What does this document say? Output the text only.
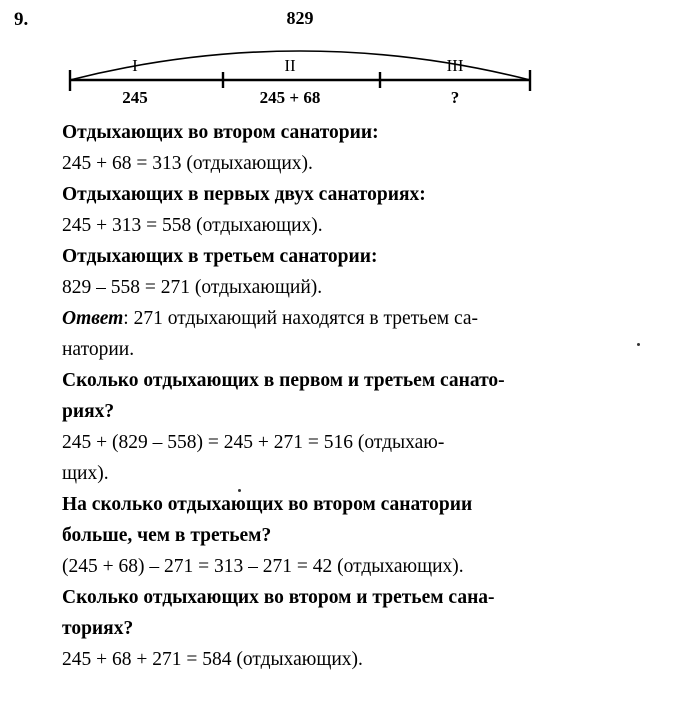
9.	829
I	II	III
245	245 + 68	?

Отдыхающих во втором санатории:

245 + 68 = 313 (отдыхающих).

Отдыхающих в первых двух санаториях:

245 + 313 = 558 (отдыхающих).

Отдыхающих в третьем санатории:

829 – 558 = 271 (отдыхающий).

Ответ: 271 отдыхающий находятся в третьем са-

натории.

Сколько отдыхающих в первом и третьем санато-

риях?

245 + (829 – 558) = 245 + 271 = 516 (отдыхаю-

щих).

На сколько отдыхающих во втором санатории

больше, чем в третьем?

(245 + 68) – 271 = 313 – 271 = 42 (отдыхающих).

Сколько отдыхающих во втором и третьем сана-

ториях?

245 + 68 + 271 = 584 (отдыхающих).
